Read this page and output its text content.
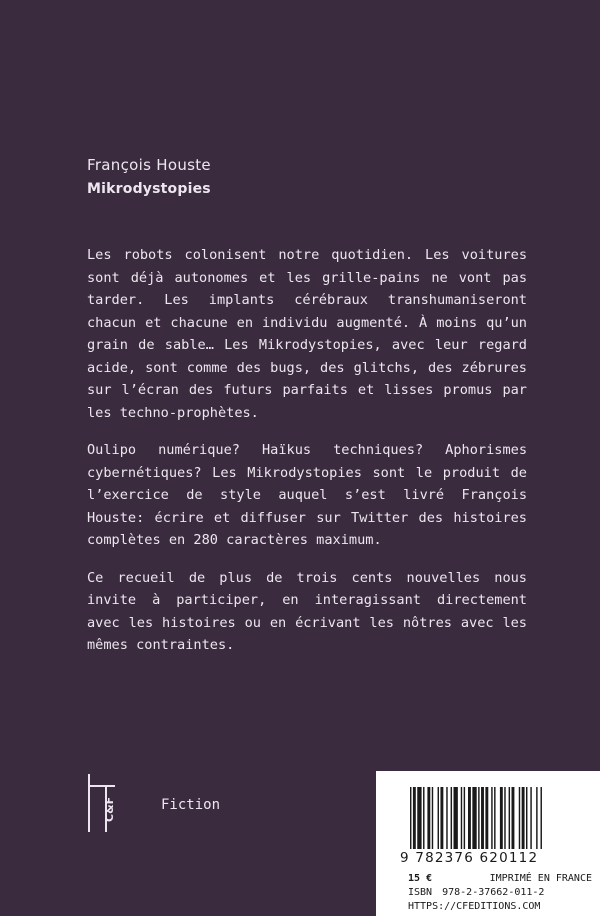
François Houste
Mikrodystopies

Les robots colonisent notre quotidien. Les voitures sont déjà autonomes et les grille-pains ne vont pas tarder. Les implants cérébraux transhumaniseront chacun et chacune en individu augmenté. À moins qu’un grain de sable… Les Mikrodystopies, avec leur regard acide, sont comme des bugs, des glitchs, des zébrures sur l’écran des futurs parfaits et lisses promus par les techno-prophètes.

Oulipo numérique? Haïkus techniques? Aphorismes cybernétiques? Les Mikrodystopies sont le produit de l’exercice de style auquel s’est livré François Houste: écrire et diffuser sur Twitter des histoires complètes en 280 caractères maximum.

Ce recueil de plus de trois cents nouvelles nous invite à participer, en interagissant directement avec les histoires ou en écrivant les nôtres avec les mêmes contraintes.

C&F	Fiction
9 782376 620112
15 €	IMPRIMÉ EN FRANCE
ISBN 978-2-37662-011-2
HTTPS://CFEDITIONS.COM
